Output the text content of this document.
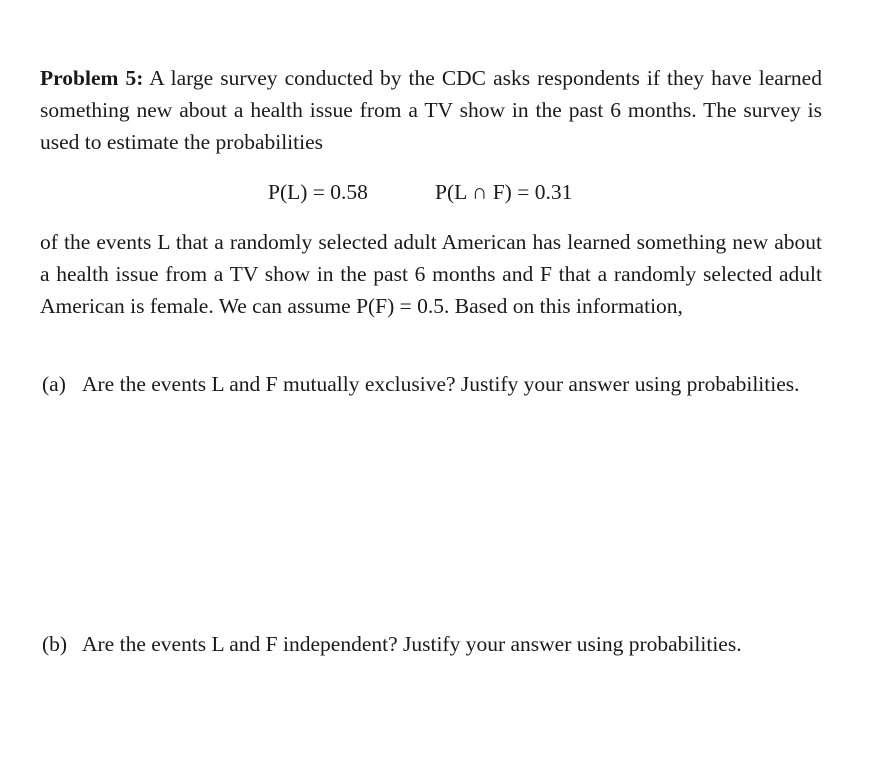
Problem 5: A large survey conducted by the CDC asks respondents if they have learned something new about a health issue from a TV show in the past 6 months. The survey is used to estimate the probabilities
P(L) = 0.58	P(L ∩ F) = 0.31
of the events L that a randomly selected adult American has learned something new about a health issue from a TV show in the past 6 months and F that a randomly selected adult American is female. We can assume P(F) = 0.5. Based on this information,
(a) Are the events L and F mutually exclusive? Justify your answer using probabilities.
(b) Are the events L and F independent? Justify your answer using probabilities.
